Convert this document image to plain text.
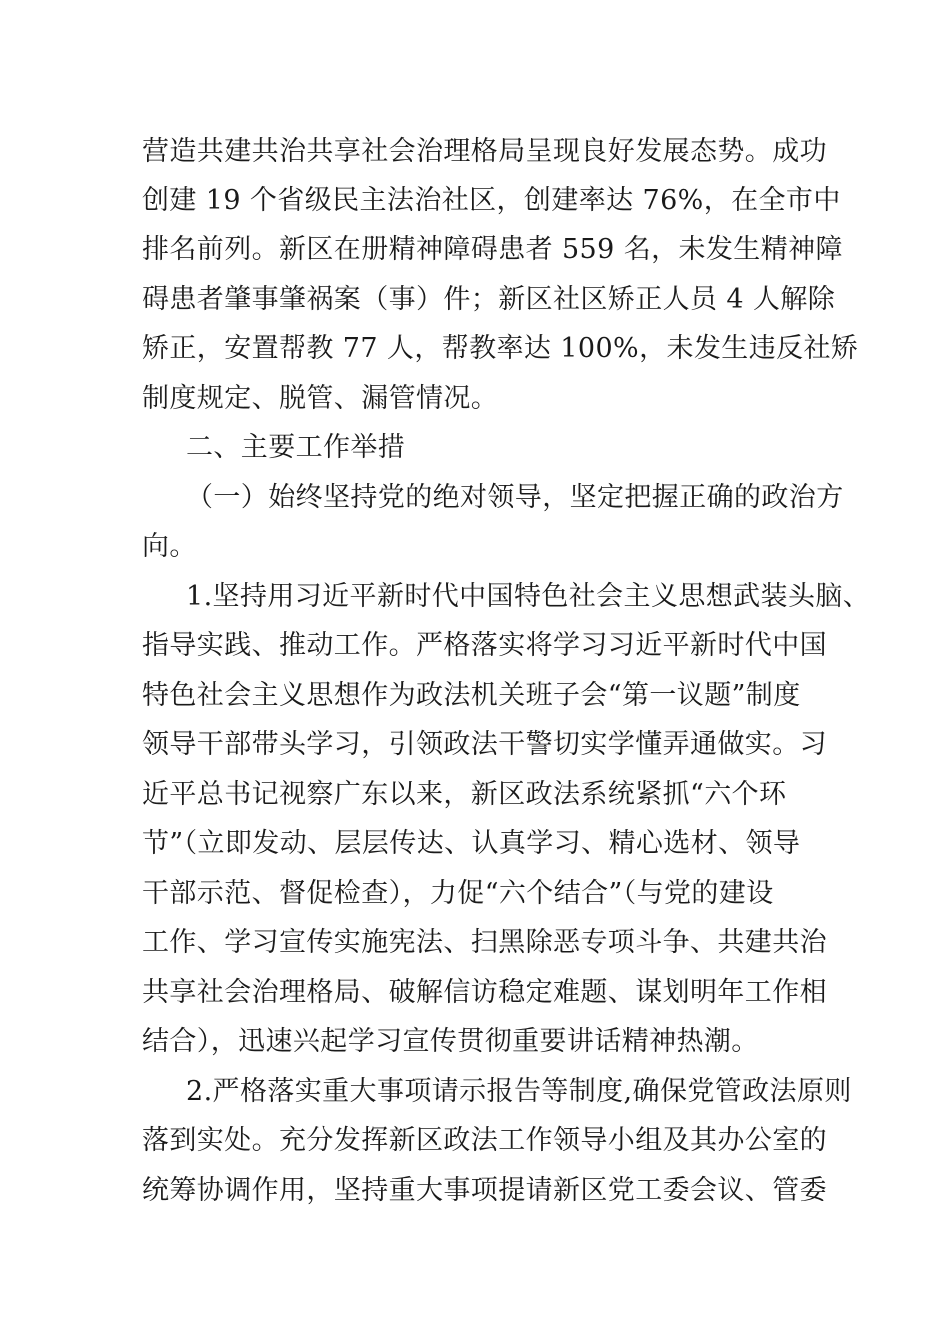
营造共建共治共享社会治理格局呈现良好发展态势。成功
创建 19 个省级民主法治社区，创建率达 76%，在全市中
排名前列。新区在册精神障碍患者 559 名，未发生精神障
碍患者肇事肇祸案（事）件；新区社区矫正人员 4 人解除
矫正，安置帮教 77 人，帮教率达 100%，未发生违反社矫
制度规定、脱管、漏管情况。
二、主要工作举措
（一）始终坚持党的绝对领导，坚定把握正确的政治方
向。
1.坚持用习近平新时代中国特色社会主义思想武装头脑、
指导实践、推动工作。严格落实将学习习近平新时代中国
特色社会主义思想作为政法机关班子会“第一议题”制度
领导干部带头学习，引领政法干警切实学懂弄通做实。习
近平总书记视察广东以来，新区政法系统紧抓“六个环
节”（立即发动、层层传达、认真学习、精心选材、领导
干部示范、督促检查），力促“六个结合”（与党的建设
工作、学习宣传实施宪法、扫黑除恶专项斗争、共建共治
共享社会治理格局、破解信访稳定难题、谋划明年工作相
结合），迅速兴起学习宣传贯彻重要讲话精神热潮。
2.严格落实重大事项请示报告等制度,确保党管政法原则
落到实处。充分发挥新区政法工作领导小组及其办公室的
统筹协调作用，坚持重大事项提请新区党工委会议、管委
